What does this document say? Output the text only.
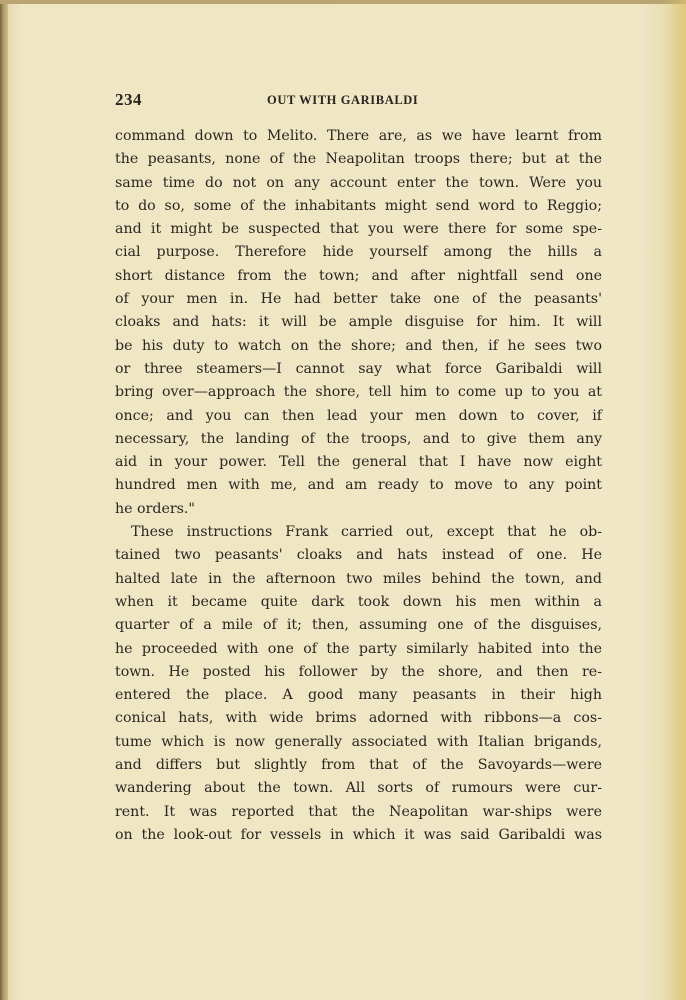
234	OUT WITH GARIBALDI
command down to Melito. There are, as we have learnt from
the peasants, none of the Neapolitan troops there; but at the
same time do not on any account enter the town. Were you
to do so, some of the inhabitants might send word to Reggio;
and it might be suspected that you were there for some spe-
cial purpose. Therefore hide yourself among the hills a
short distance from the town; and after nightfall send one
of your men in. He had better take one of the peasants'
cloaks and hats: it will be ample disguise for him. It will
be his duty to watch on the shore; and then, if he sees two
or three steamers—I cannot say what force Garibaldi will
bring over—approach the shore, tell him to come up to you at
once; and you can then lead your men down to cover, if
necessary, the landing of the troops, and to give them any
aid in your power. Tell the general that I have now eight
hundred men with me, and am ready to move to any point
he orders."
These instructions Frank carried out, except that he ob-
tained two peasants' cloaks and hats instead of one. He
halted late in the afternoon two miles behind the town, and
when it became quite dark took down his men within a
quarter of a mile of it; then, assuming one of the disguises,
he proceeded with one of the party similarly habited into the
town. He posted his follower by the shore, and then re-
entered the place. A good many peasants in their high
conical hats, with wide brims adorned with ribbons—a cos-
tume which is now generally associated with Italian brigands,
and differs but slightly from that of the Savoyards—were
wandering about the town. All sorts of rumours were cur-
rent. It was reported that the Neapolitan war-ships were
on the look-out for vessels in which it was said Garibaldi was
